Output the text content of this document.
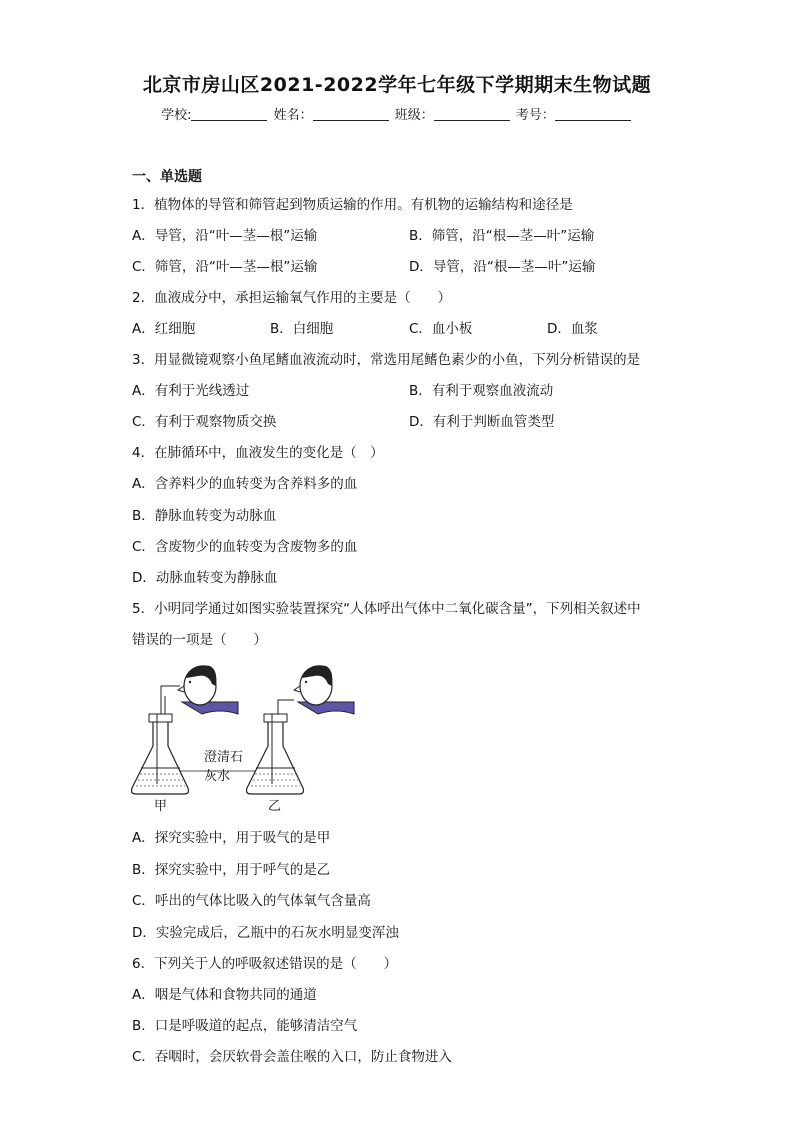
北京市房山区2021-2022学年七年级下学期期末生物试题
学校:	姓名：	班级：	考号：
一、单选题
1．植物体的导管和筛管起到物质运输的作用。有机物的运输结构和途径是
A．导管，沿“叶—茎—根”运输	B．筛管，沿“根—茎—叶”运输
C．筛管，沿“叶—茎—根”运输	D．导管，沿“根—茎—叶”运输
2．血液成分中，承担运输氧气作用的主要是（　　）
A．红细胞	B．白细胞	C．血小板	D．血浆
3．用显微镜观察小鱼尾鳍血液流动时，常选用尾鳍色素少的小鱼，下列分析错误的是
A．有利于光线透过	B．有利于观察血液流动
C．有利于观察物质交换	D．有利于判断血管类型
4．在肺循环中，血液发生的变化是（　）
A．含养料少的血转变为含养料多的血
B．静脉血转变为动脉血
C．含废物少的血转变为含废物多的血
D．动脉血转变为静脉血
5．小明同学通过如图实验装置探究“人体呼出气体中二氧化碳含量”，下列相关叙述中
错误的一项是（　　）
澄清石
灰水
甲	乙
A．探究实验中，用于吸气的是甲
B．探究实验中，用于呼气的是乙
C．呼出的气体比吸入的气体氧气含量高
D．实验完成后，乙瓶中的石灰水明显变浑浊
6．下列关于人的呼吸叙述错误的是（　　）
A．咽是气体和食物共同的通道
B．口是呼吸道的起点，能够清洁空气
C．吞咽时，会厌软骨会盖住喉的入口，防止食物进入
